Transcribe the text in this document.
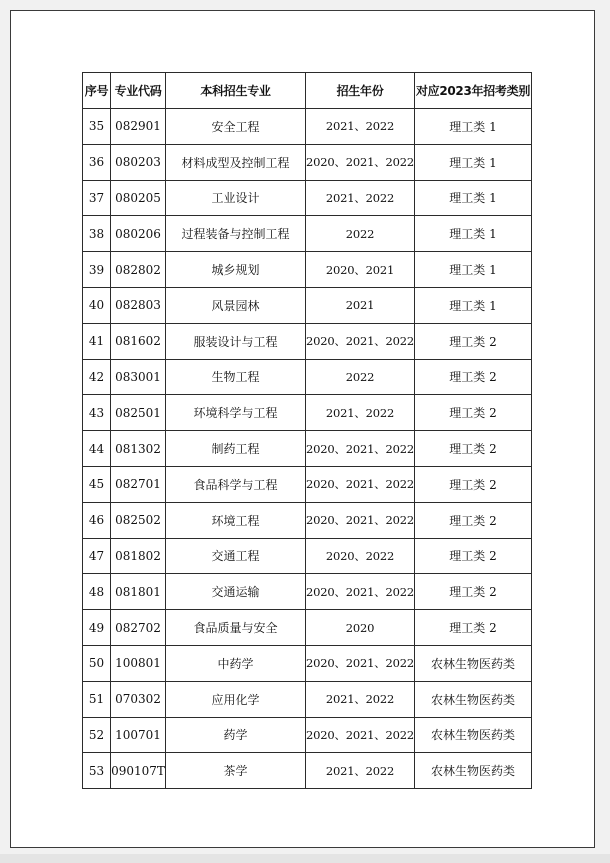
序号	专业代码	本科招生专业	招生年份	对应2023年招考类别
35	082901	安全工程	2021、2022	理工类 1
36	080203	材料成型及控制工程	2020、2021、2022	理工类 1
37	080205	工业设计	2021、2022	理工类 1
38	080206	过程装备与控制工程	2022	理工类 1
39	082802	城乡规划	2020、2021	理工类 1
40	082803	风景园林	2021	理工类 1
41	081602	服装设计与工程	2020、2021、2022	理工类 2
42	083001	生物工程	2022	理工类 2
43	082501	环境科学与工程	2021、2022	理工类 2
44	081302	制药工程	2020、2021、2022	理工类 2
45	082701	食品科学与工程	2020、2021、2022	理工类 2
46	082502	环境工程	2020、2021、2022	理工类 2
47	081802	交通工程	2020、2022	理工类 2
48	081801	交通运输	2020、2021、2022	理工类 2
49	082702	食品质量与安全	2020	理工类 2
50	100801	中药学	2020、2021、2022	农林生物医药类
51	070302	应用化学	2021、2022	农林生物医药类
52	100701	药学	2020、2021、2022	农林生物医药类
53	090107T	茶学	2021、2022	农林生物医药类
